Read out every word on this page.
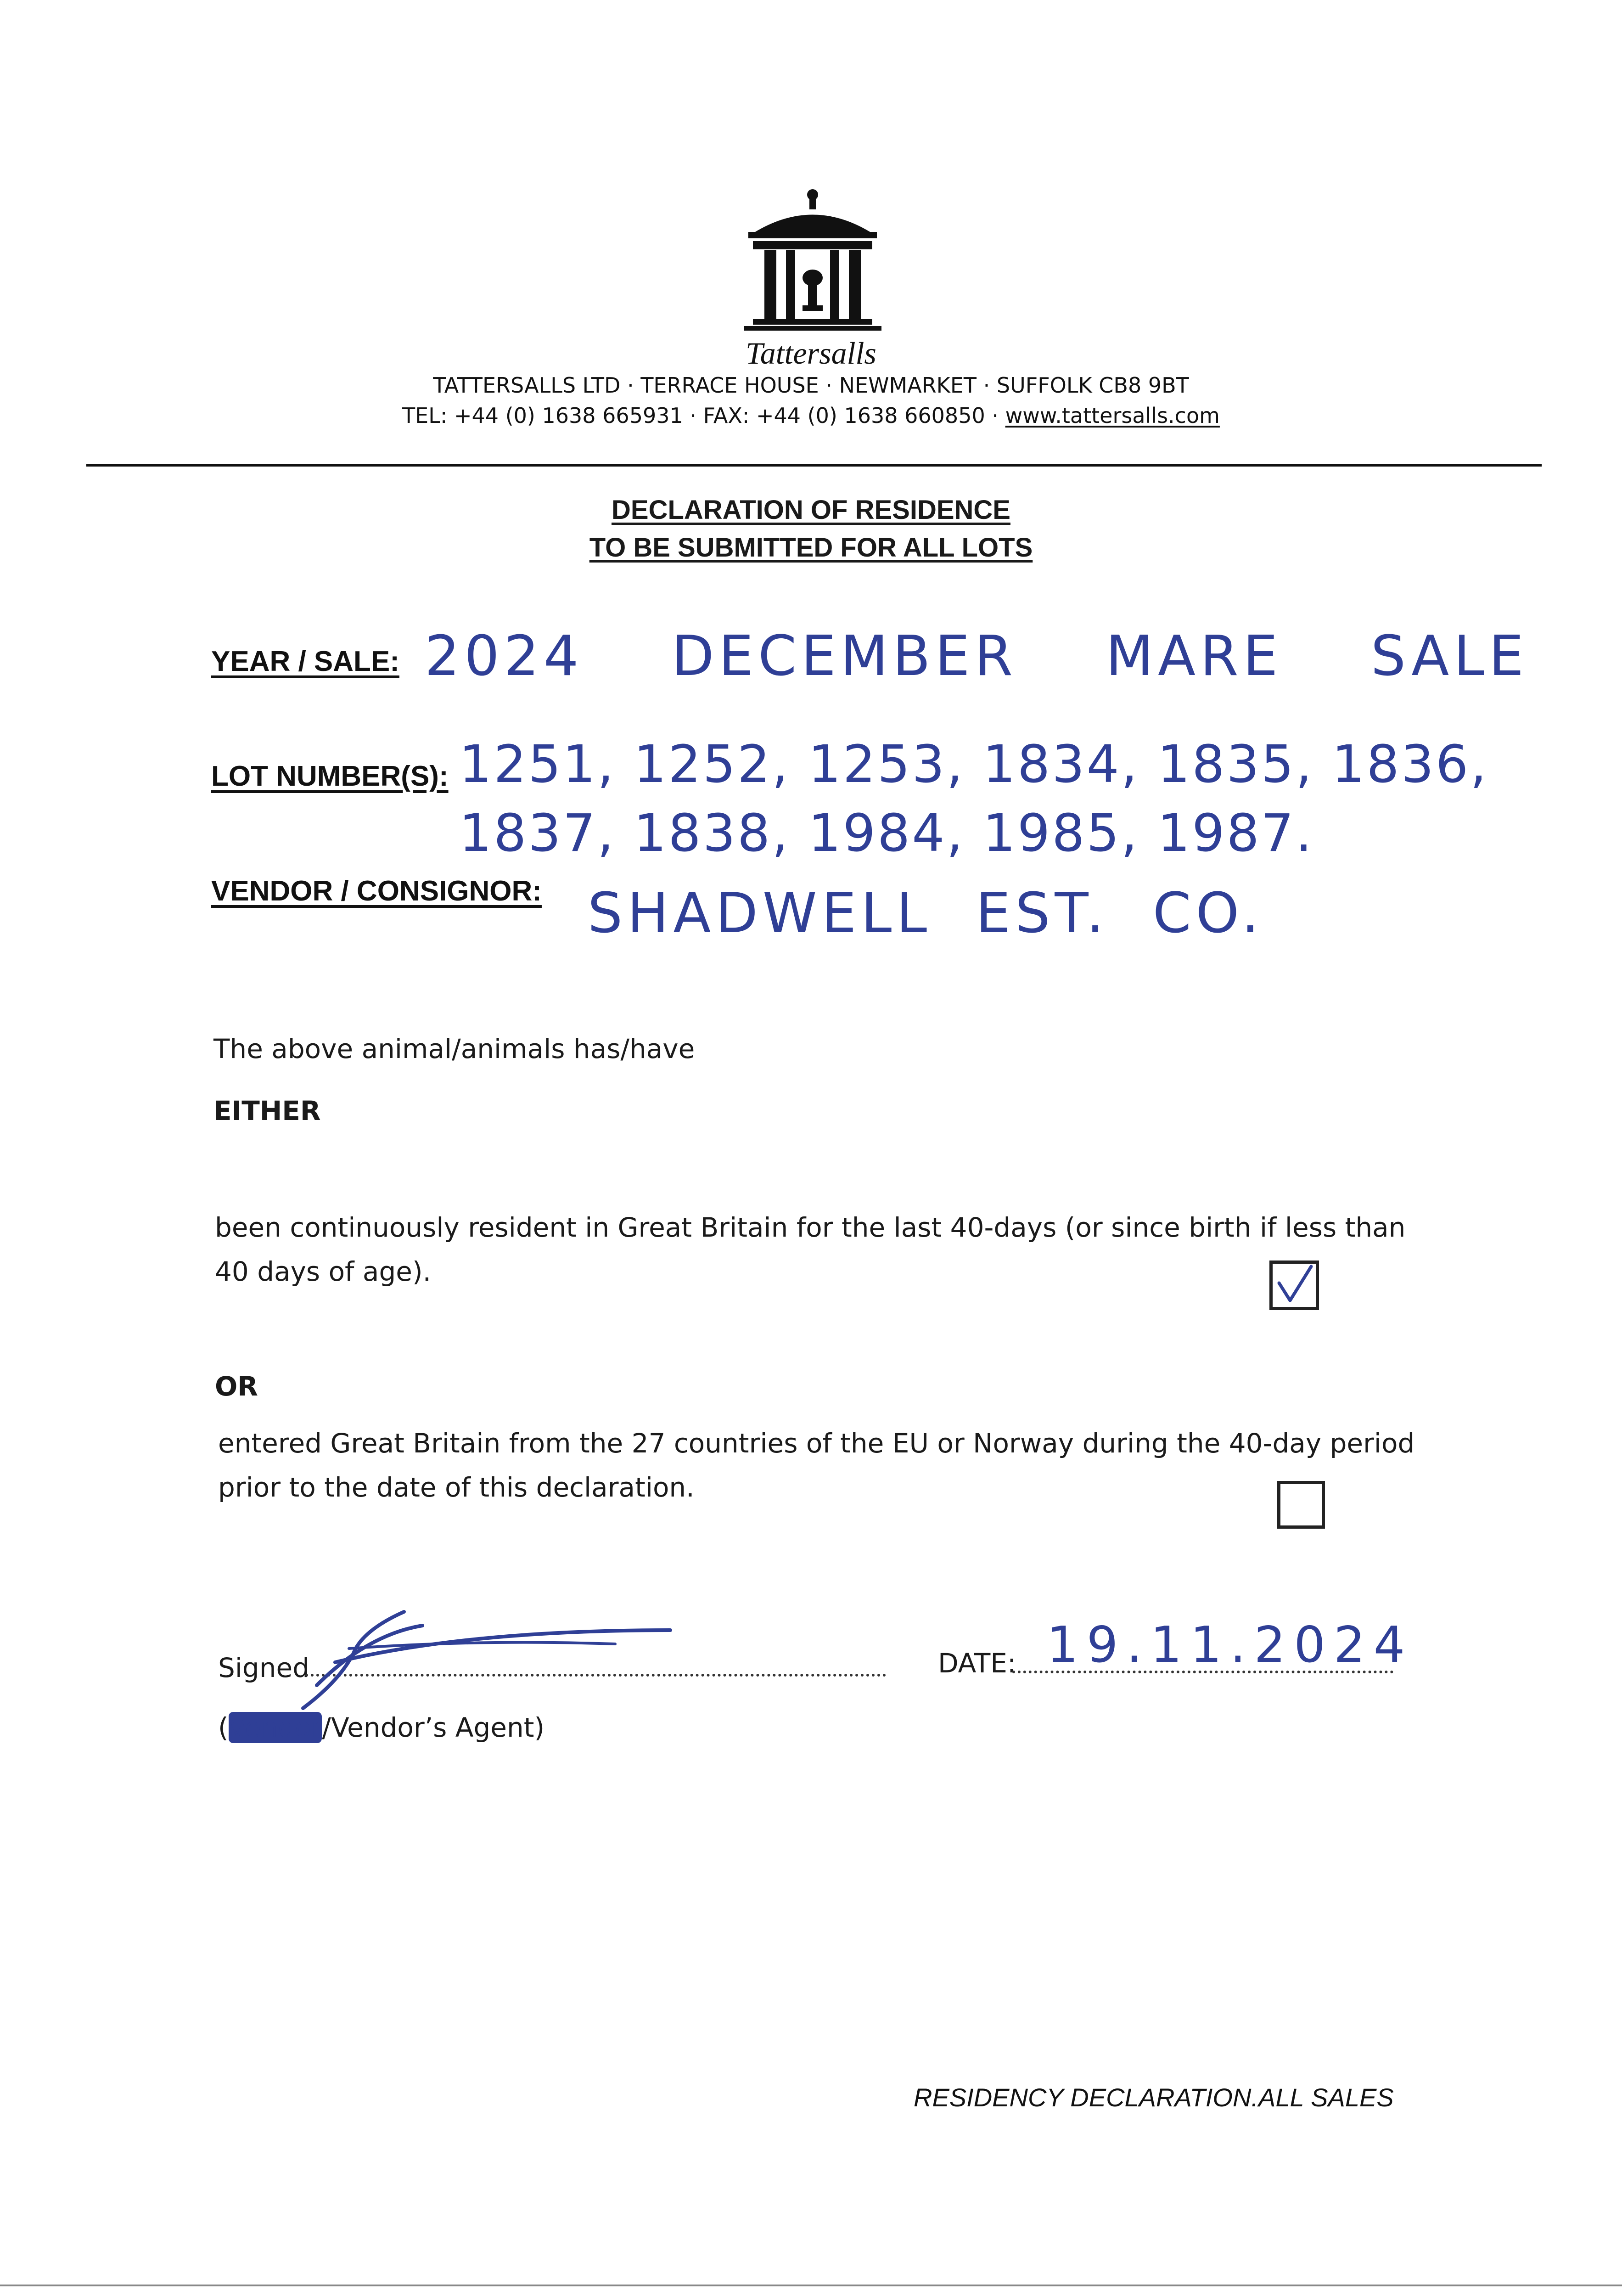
Tattersalls
TATTERSALLS LTD · TERRACE HOUSE · NEWMARKET · SUFFOLK CB8 9BT
TEL: +44 (0) 1638 665931 · FAX: +44 (0) 1638 660850 · www.tattersalls.com
DECLARATION OF RESIDENCE
TO BE SUBMITTED FOR ALL LOTS
YEAR / SALE: 2024    DECEMBER    MARE    SALE
LOT NUMBER(S): 1251, 1252, 1253, 1834, 1835, 1836,
1837, 1838, 1984, 1985, 1987.
VENDOR / CONSIGNOR: SHADWELL  EST.  CO.
The above animal/animals has/have
EITHER
been continuously resident in Great Britain for the last 40-days (or since birth if less than 40 days of age).
OR
entered Great Britain from the 27 countries of the EU or Norway during the 40-day period prior to the date of this declaration.
Signed
(Vendor/Vendor’s Agent)
DATE: 19.11.2024
RESIDENCY DECLARATION.ALL SALES
